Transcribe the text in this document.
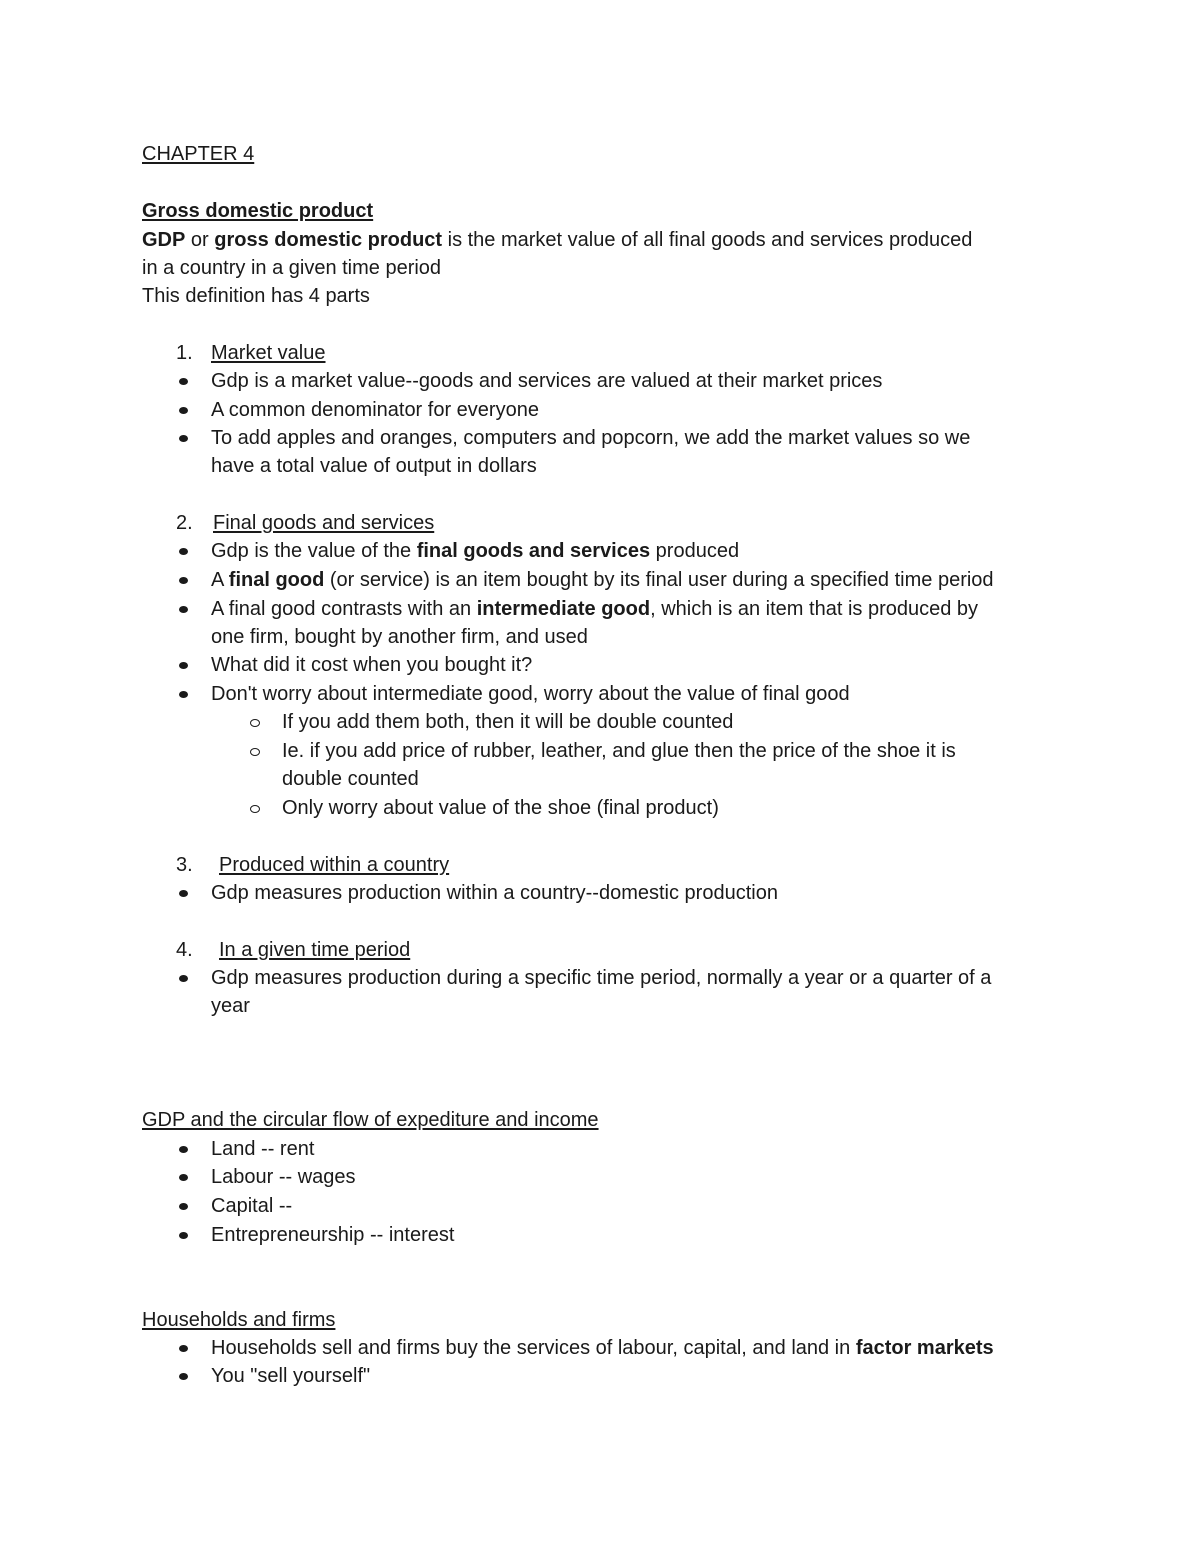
CHAPTER 4
Gross domestic product
GDP or gross domestic product is the market value of all final goods and services produced
in a country in a given time period
This definition has 4 parts
1. Market value
Gdp is a market value--goods and services are valued at their market prices
A common denominator for everyone
To add apples and oranges, computers and popcorn, we add the market values so we
have a total value of output in dollars
2. Final goods and services
Gdp is the value of the final goods and services produced
A final good (or service) is an item bought by its final user during a specified time period
A final good contrasts with an intermediate good, which is an item that is produced by
one firm, bought by another firm, and used
What did it cost when you bought it?
Don't worry about intermediate good, worry about the value of final good
If you add them both, then it will be double counted
Ie. if you add price of rubber, leather, and glue then the price of the shoe it is
double counted
Only worry about value of the shoe (final product)
3. Produced within a country
Gdp measures production within a country--domestic production
4. In a given time period
Gdp measures production during a specific time period, normally a year or a quarter of a
year
GDP and the circular flow of expediture and income
Land -- rent
Labour -- wages
Capital --
Entrepreneurship -- interest
Households and firms
Households sell and firms buy the services of labour, capital, and land in factor markets
You "sell yourself"
